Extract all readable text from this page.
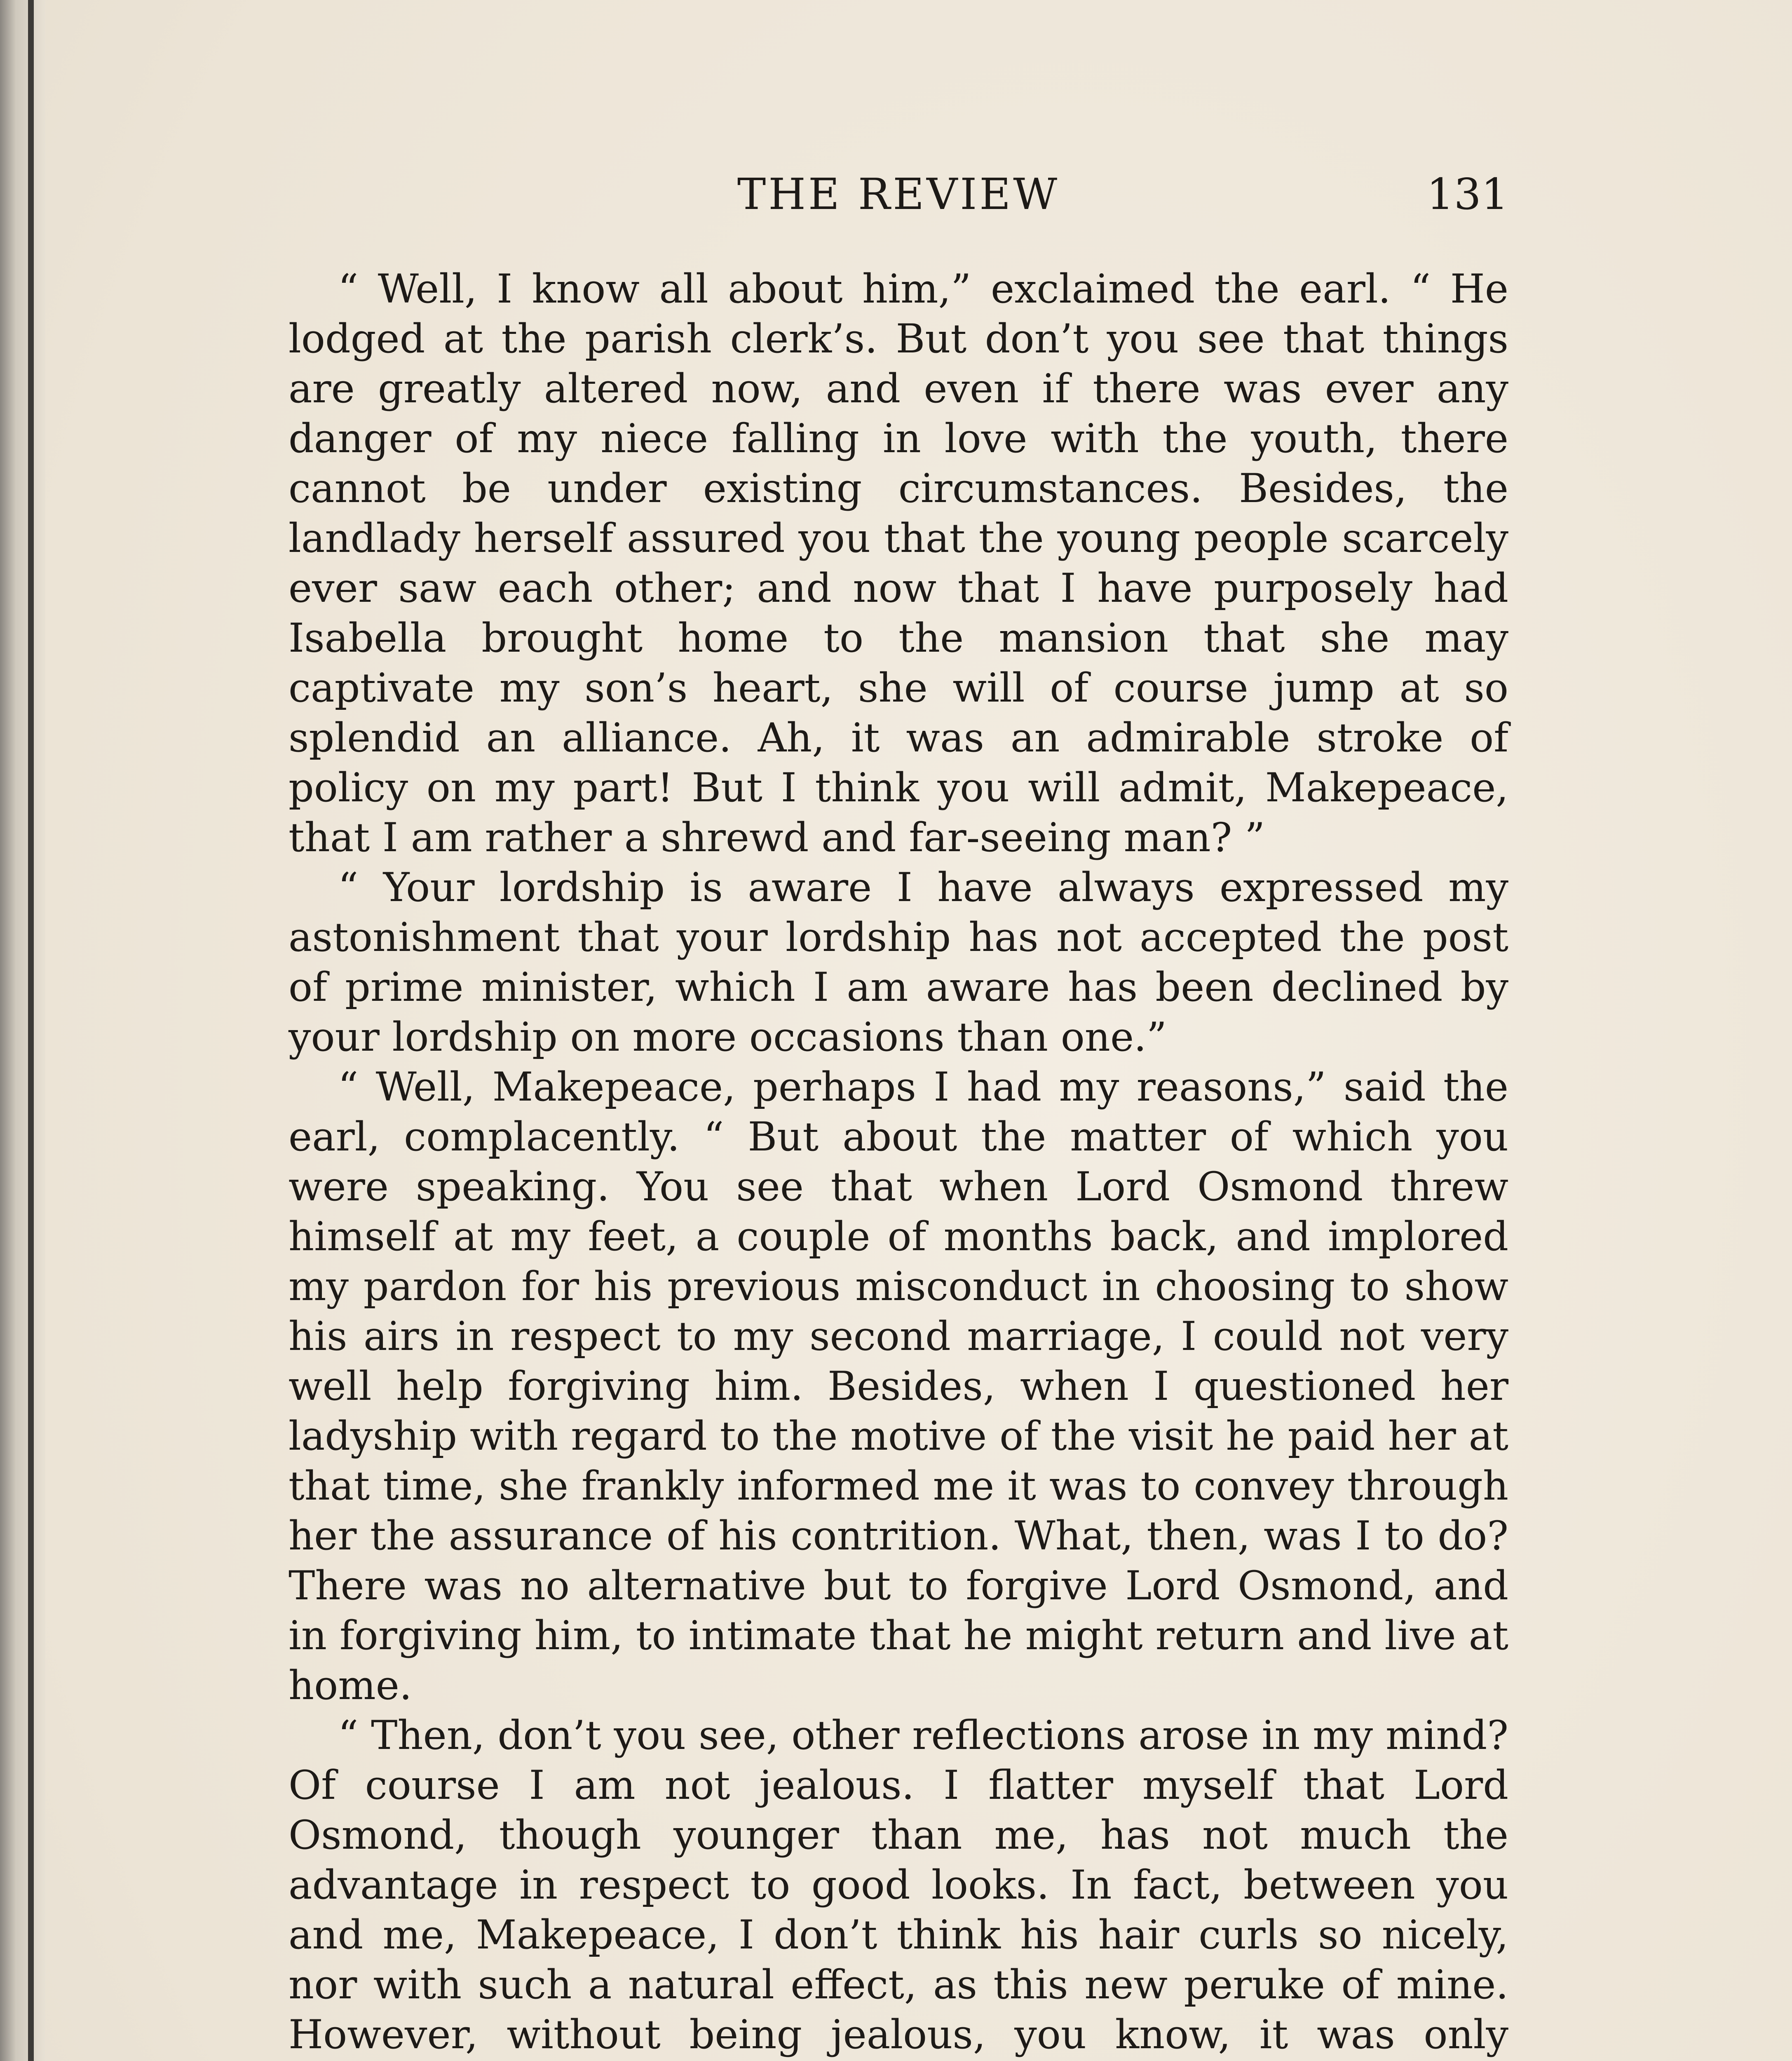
THE REVIEW	131

“ Well, I know all about him,” exclaimed the earl. “ He lodged at the parish clerk’s. But don’t you see that things are greatly altered now, and even if there was ever any danger of my niece falling in love with the youth, there cannot be under existing circumstances. Besides, the landlady herself assured you that the young people scarcely ever saw each other; and now that I have purposely had Isabella brought home to the mansion that she may captivate my son’s heart, she will of course jump at so splendid an alliance. Ah, it was an admirable stroke of policy on my part! But I think you will admit, Makepeace, that I am rather a shrewd and far-seeing man? ”

“ Your lordship is aware I have always expressed my astonishment that your lordship has not accepted the post of prime minister, which I am aware has been declined by your lordship on more occasions than one.”

“ Well, Makepeace, perhaps I had my reasons,” said the earl, complacently. “ But about the matter of which you were speaking. You see that when Lord Osmond threw himself at my feet, a couple of months back, and implored my pardon for his previous misconduct in choosing to show his airs in respect to my second marriage, I could not very well help forgiving him. Besides, when I questioned her ladyship with regard to the motive of the visit he paid her at that time, she frankly informed me it was to convey through her the assurance of his contrition. What, then, was I to do? There was no alternative but to forgive Lord Osmond, and in forgiving him, to intimate that he might return and live at home.

“ Then, don’t you see, other reflections arose in my mind? Of course I am not jealous. I flatter myself that Lord Osmond, though younger than me, has not much the advantage in respect to good looks. In fact, between you and me, Makepeace, I don’t think his hair curls so nicely, nor with such a natural effect, as this new peruke of mine. However, without being jealous, you know, it was only
